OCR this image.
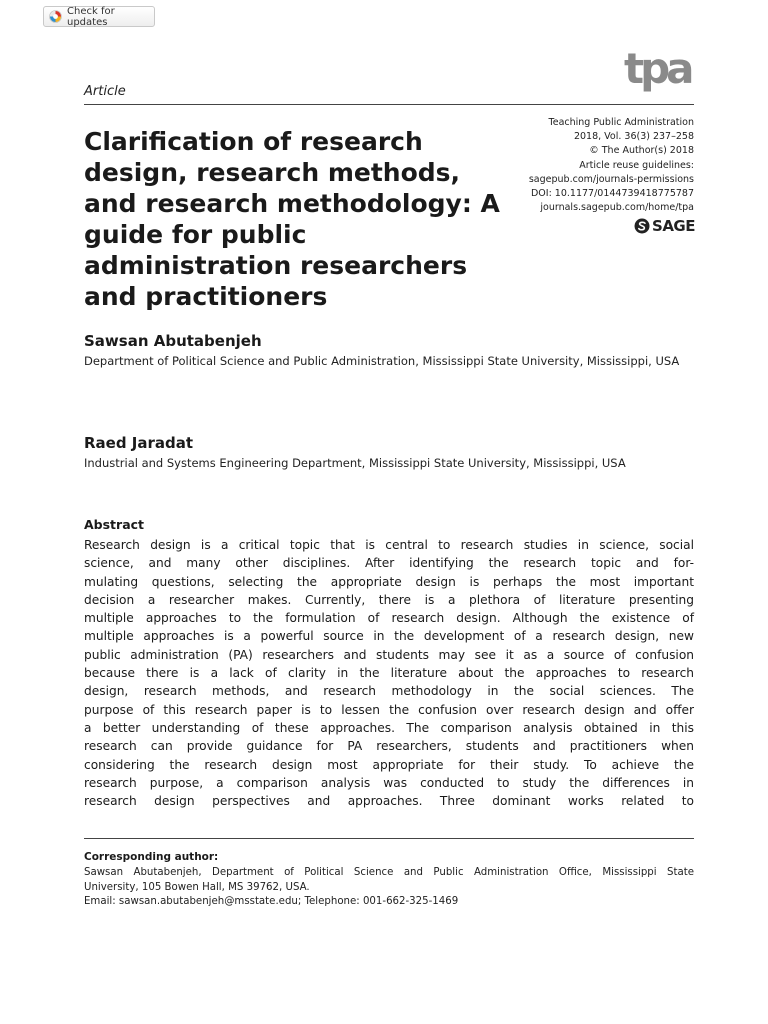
Check for updates
tpa
Article
Clarification of research design, research methods, and research methodology: A guide for public administration researchers and practitioners
Teaching Public Administration
2018, Vol. 36(3) 237–258
© The Author(s) 2018
Article reuse guidelines:
sagepub.com/journals-permissions
DOI: 10.1177/0144739418775787
journals.sagepub.com/home/tpa
SAGE
Sawsan Abutabenjeh
Department of Political Science and Public Administration, Mississippi State University, Mississippi, USA
Raed Jaradat
Industrial and Systems Engineering Department, Mississippi State University, Mississippi, USA
Abstract
Research design is a critical topic that is central to research studies in science, social
science, and many other disciplines. After identifying the research topic and for-
mulating questions, selecting the appropriate design is perhaps the most important
decision a researcher makes. Currently, there is a plethora of literature presenting
multiple approaches to the formulation of research design. Although the existence of
multiple approaches is a powerful source in the development of a research design, new
public administration (PA) researchers and students may see it as a source of confusion
because there is a lack of clarity in the literature about the approaches to research
design, research methods, and research methodology in the social sciences. The
purpose of this research paper is to lessen the confusion over research design and offer
a better understanding of these approaches. The comparison analysis obtained in this
research can provide guidance for PA researchers, students and practitioners when
considering the research design most appropriate for their study. To achieve the
research purpose, a comparison analysis was conducted to study the differences in
research design perspectives and approaches. Three dominant works related to
Corresponding author:
Sawsan Abutabenjeh, Department of Political Science and Public Administration Office, Mississippi State
University, 105 Bowen Hall, MS 39762, USA.
Email: sawsan.abutabenjeh@msstate.edu; Telephone: 001-662-325-1469
